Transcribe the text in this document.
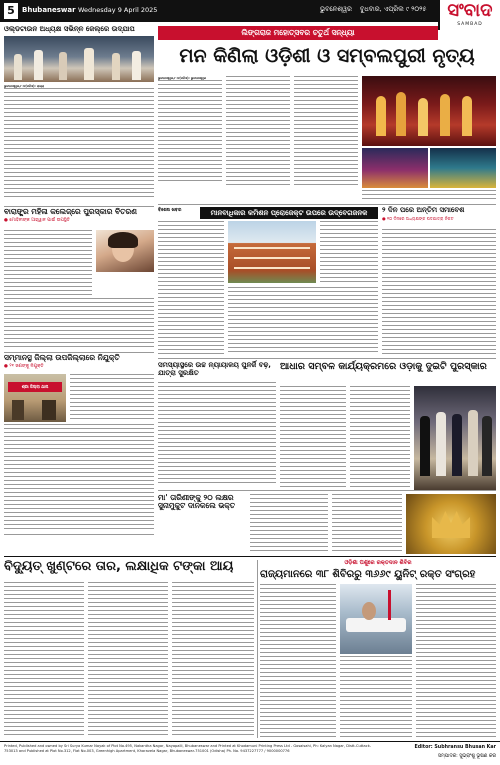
5	Bhubaneswar Wednesday 9 April 2025	ଭୁବନେଶ୍ୱର ବୁଧବାର, ଏପ୍ରିଲ ୯ ୨୦୨୫	ସଂବାଦ
SAMBAD
ଓଲ୍ଡଟାଉନ ଅଧ୍ୟକ୍ଷ ସଭିନ୍ନ ଜେଲ୍‌ରେ ଉଦ୍‌ଯାପ
ଭୁବନେଶ୍ୱର,୮।୪(ସମିସ): ରାଜ୍ୟ
ବାରାଙ୍ଗ୍ର ମହିଳା କଲେଜ୍‌ରେ ପୁରସ୍କାର ବିତରଣ
● ମୋହିନୀଙ୍କ ଆହ୍ୱାନ ପାଇଁ ଉପସ୍ଥିତି
ସମ୍ମାନସ୍ଥ ଜିଲ୍ଲା ଉପଜିଲ୍ଲାରେ ନିଯୁକ୍ତି
● ୨୧ ଜଣଙ୍କୁ ନିଯୁକ୍ତି
ଶ୍ରୀ ଜିଲ୍ଲା ଥାନା
ଲିଙ୍ଗରାଜ ମହୋତ୍ସବର ଚତୁର୍ଥ ସନ୍ଧ୍ୟା
ମନ କିଣିଲା ଓଡ଼ିଶୀ ଓ ସମ୍ବଲପୁରୀ ନୃତ୍ୟ
ଭୁବନେଶ୍ୱର,୮।୪(ସମିସ): ଭୁବନେଶ୍ୱର
ବିଶେଷ ଖବର	ମାନବାଧିକାର କମିଶନ ପ୍ରୋଜେକ୍ଟ ଉପରେ ଉଦ୍ବେଗଜନକ	୨ ଦିନ ପରେ ଅନ୍ତିମ ସମାବେଶ
● ୧୦ ଦିନରେ ଅଧ୍ୟକ୍ଷଙ୍କ ପଦଯାତ୍ରା ନିକଟ
ସମସ୍ୟାସ୍ଥରେ ଉଚ୍ଚ ନ୍ୟାୟାଳୟ ପୁନର୍ଜି ବଢ଼, ଯାତ୍ରା ସୁରକ୍ଷିତ
ଆଧାର ସମ୍ବଳ କାର୍ଯ୍ୟକ୍ରମରେ ଓଡ଼ାକୁ ଦୁଇଟି ପୁରସ୍କାର
ମା' ତାରିଣୀଙ୍କୁ ୨୦ ଲକ୍ଷର ସୁନାମୁକୁଟ ଦାନକଲେ ଭକ୍ତ
ବିଦ୍ୟୁତ୍ ଖୁଣ୍ଟରେ ତାର, ଲକ୍ଷାଧିକ ଟଙ୍କା ଆୟ	ଓଡ଼ିଶା ପଶୁରେ ରକ୍ତଦାନ ଶିବିର
ରାଜ୍ୟମାନରେ ୩୮ ଶିବିରରୁ ୩୬୬୯ ୟୁନିଟ୍ ରକ୍ତ ସଂଗ୍ରହ
Printed, Published and owned by Sri Surya Kumar Nayak of Plot No.495, Nakantha Nagar, Nayapalli, Bhubaneswar and Printed at Khodamuni Printing Press Ltd - Gosaisahi, Ph: Kalyan Nagar, Distt-Cuttack-753013 and Published at Plot No.312, Flat No.003, Greenhigh Apartment, Kharavela Nagar, Bhubaneswar-751001 (Odisha) Ph. No. 9437227777 / 9000000776
Editor: Subhransu Bhusan Kar
ସମ୍ପାଦକ: ସୁଭ୍ରାଂଶୁ ଭୂଷଣ କର
